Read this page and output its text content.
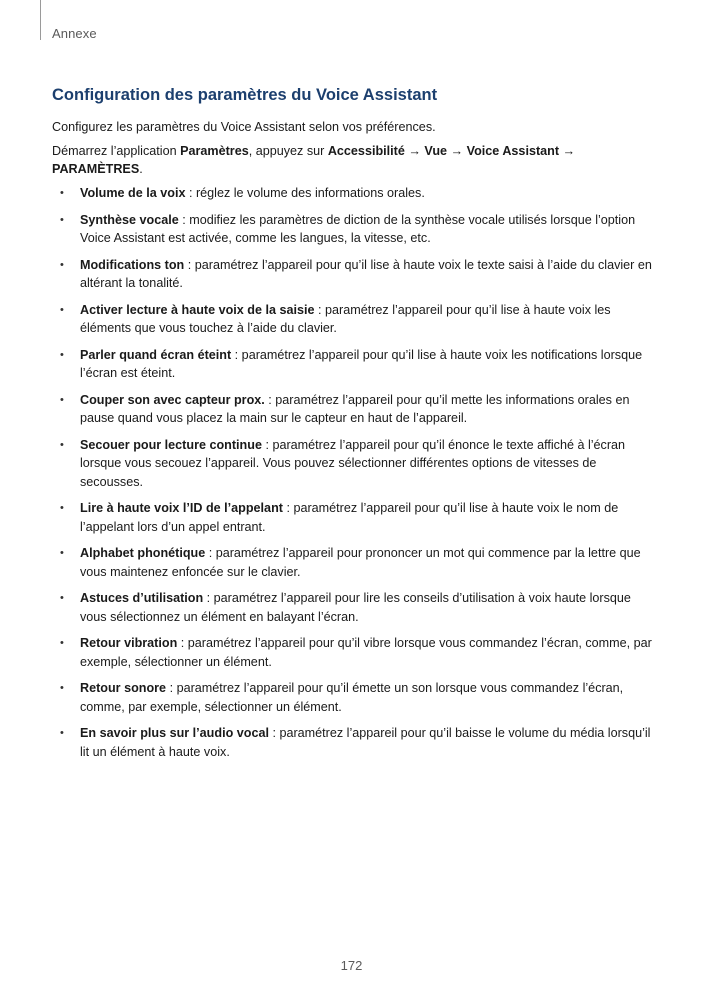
Annexe
Configuration des paramètres du Voice Assistant

Configurez les paramètres du Voice Assistant selon vos préférences.

Démarrez l’application Paramètres, appuyez sur Accessibilité → Vue → Voice Assistant → PARAMÈTRES.

• Volume de la voix : réglez le volume des informations orales.
• Synthèse vocale : modifiez les paramètres de diction de la synthèse vocale utilisés lorsque l’option Voice Assistant est activée, comme les langues, la vitesse, etc.
• Modifications ton : paramétrez l’appareil pour qu’il lise à haute voix le texte saisi à l’aide du clavier en altérant la tonalité.
• Activer lecture à haute voix de la saisie : paramétrez l’appareil pour qu’il lise à haute voix les éléments que vous touchez à l’aide du clavier.
• Parler quand écran éteint : paramétrez l’appareil pour qu’il lise à haute voix les notifications lorsque l’écran est éteint.
• Couper son avec capteur prox. : paramétrez l’appareil pour qu’il mette les informations orales en pause quand vous placez la main sur le capteur en haut de l’appareil.
• Secouer pour lecture continue : paramétrez l’appareil pour qu’il énonce le texte affiché à l’écran lorsque vous secouez l’appareil. Vous pouvez sélectionner différentes options de vitesses de secousses.
• Lire à haute voix l’ID de l’appelant : paramétrez l’appareil pour qu’il lise à haute voix le nom de l’appelant lors d’un appel entrant.
• Alphabet phonétique : paramétrez l’appareil pour prononcer un mot qui commence par la lettre que vous maintenez enfoncée sur le clavier.
• Astuces d’utilisation : paramétrez l’appareil pour lire les conseils d’utilisation à voix haute lorsque vous sélectionnez un élément en balayant l’écran.
• Retour vibration : paramétrez l’appareil pour qu’il vibre lorsque vous commandez l’écran, comme, par exemple, sélectionner un élément.
• Retour sonore : paramétrez l’appareil pour qu’il émette un son lorsque vous commandez l’écran, comme, par exemple, sélectionner un élément.
• En savoir plus sur l’audio vocal : paramétrez l’appareil pour qu’il baisse le volume du média lorsqu’il lit un élément à haute voix.
172
